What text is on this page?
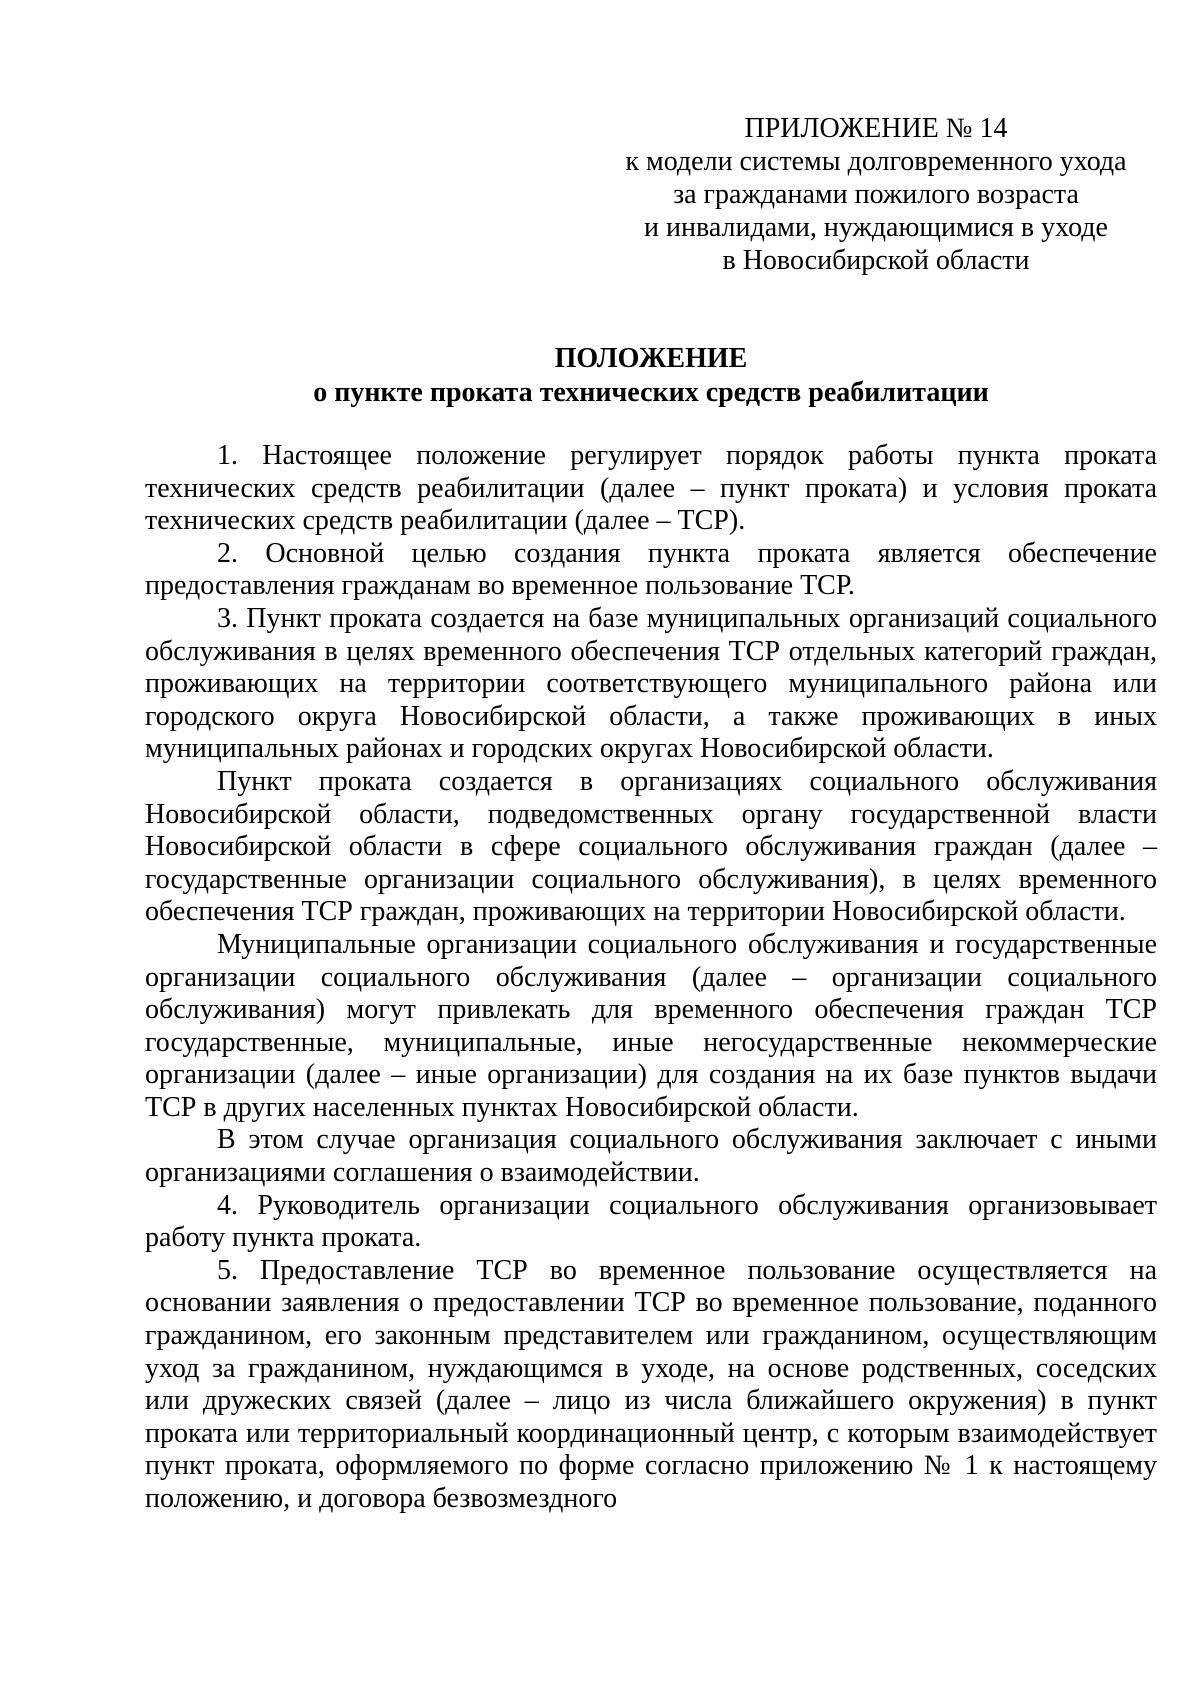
ПРИЛОЖЕНИЕ № 14
к модели системы долговременного ухода
за гражданами пожилого возраста
и инвалидами, нуждающимися в уходе
в Новосибирской области
ПОЛОЖЕНИЕ
о пункте проката технических средств реабилитации

1. Настоящее положение регулирует порядок работы пункта проката технических средств реабилитации (далее – пункт проката) и условия проката технических средств реабилитации (далее – ТСР).

2. Основной целью создания пункта проката является обеспечение предоставления гражданам во временное пользование ТСР.

3. Пункт проката создается на базе муниципальных организаций социального обслуживания в целях временного обеспечения ТСР отдельных категорий граждан, проживающих на территории соответствующего муниципального района или городского округа Новосибирской области, а также проживающих в иных муниципальных районах и городских округах Новосибирской области.

Пункт проката создается в организациях социального обслуживания Новосибирской области, подведомственных органу государственной власти Новосибирской области в сфере социального обслуживания граждан (далее – государственные организации социального обслуживания), в целях временного обеспечения ТСР граждан, проживающих на территории Новосибирской области.

Муниципальные организации социального обслуживания и государственные организации социального обслуживания (далее – организации социального обслуживания) могут привлекать для временного обеспечения граждан ТСР государственные, муниципальные, иные негосударственные некоммерческие организации (далее – иные организации) для создания на их базе пунктов выдачи ТСР в других населенных пунктах Новосибирской области.

В этом случае организация социального обслуживания заключает с иными организациями соглашения о взаимодействии.

4. Руководитель организации социального обслуживания организовывает работу пункта проката.

5. Предоставление ТСР во временное пользование осуществляется на основании заявления о предоставлении ТСР во временное пользование, поданного гражданином, его законным представителем или гражданином, осуществляющим уход за гражданином, нуждающимся в уходе, на основе родственных, соседских или дружеских связей (далее – лицо из числа ближайшего окружения) в пункт проката или территориальный координационный центр, с которым взаимодействует пункт проката, оформляемого по форме согласно приложению № 1 к настоящему положению, и договора безвозмездного
